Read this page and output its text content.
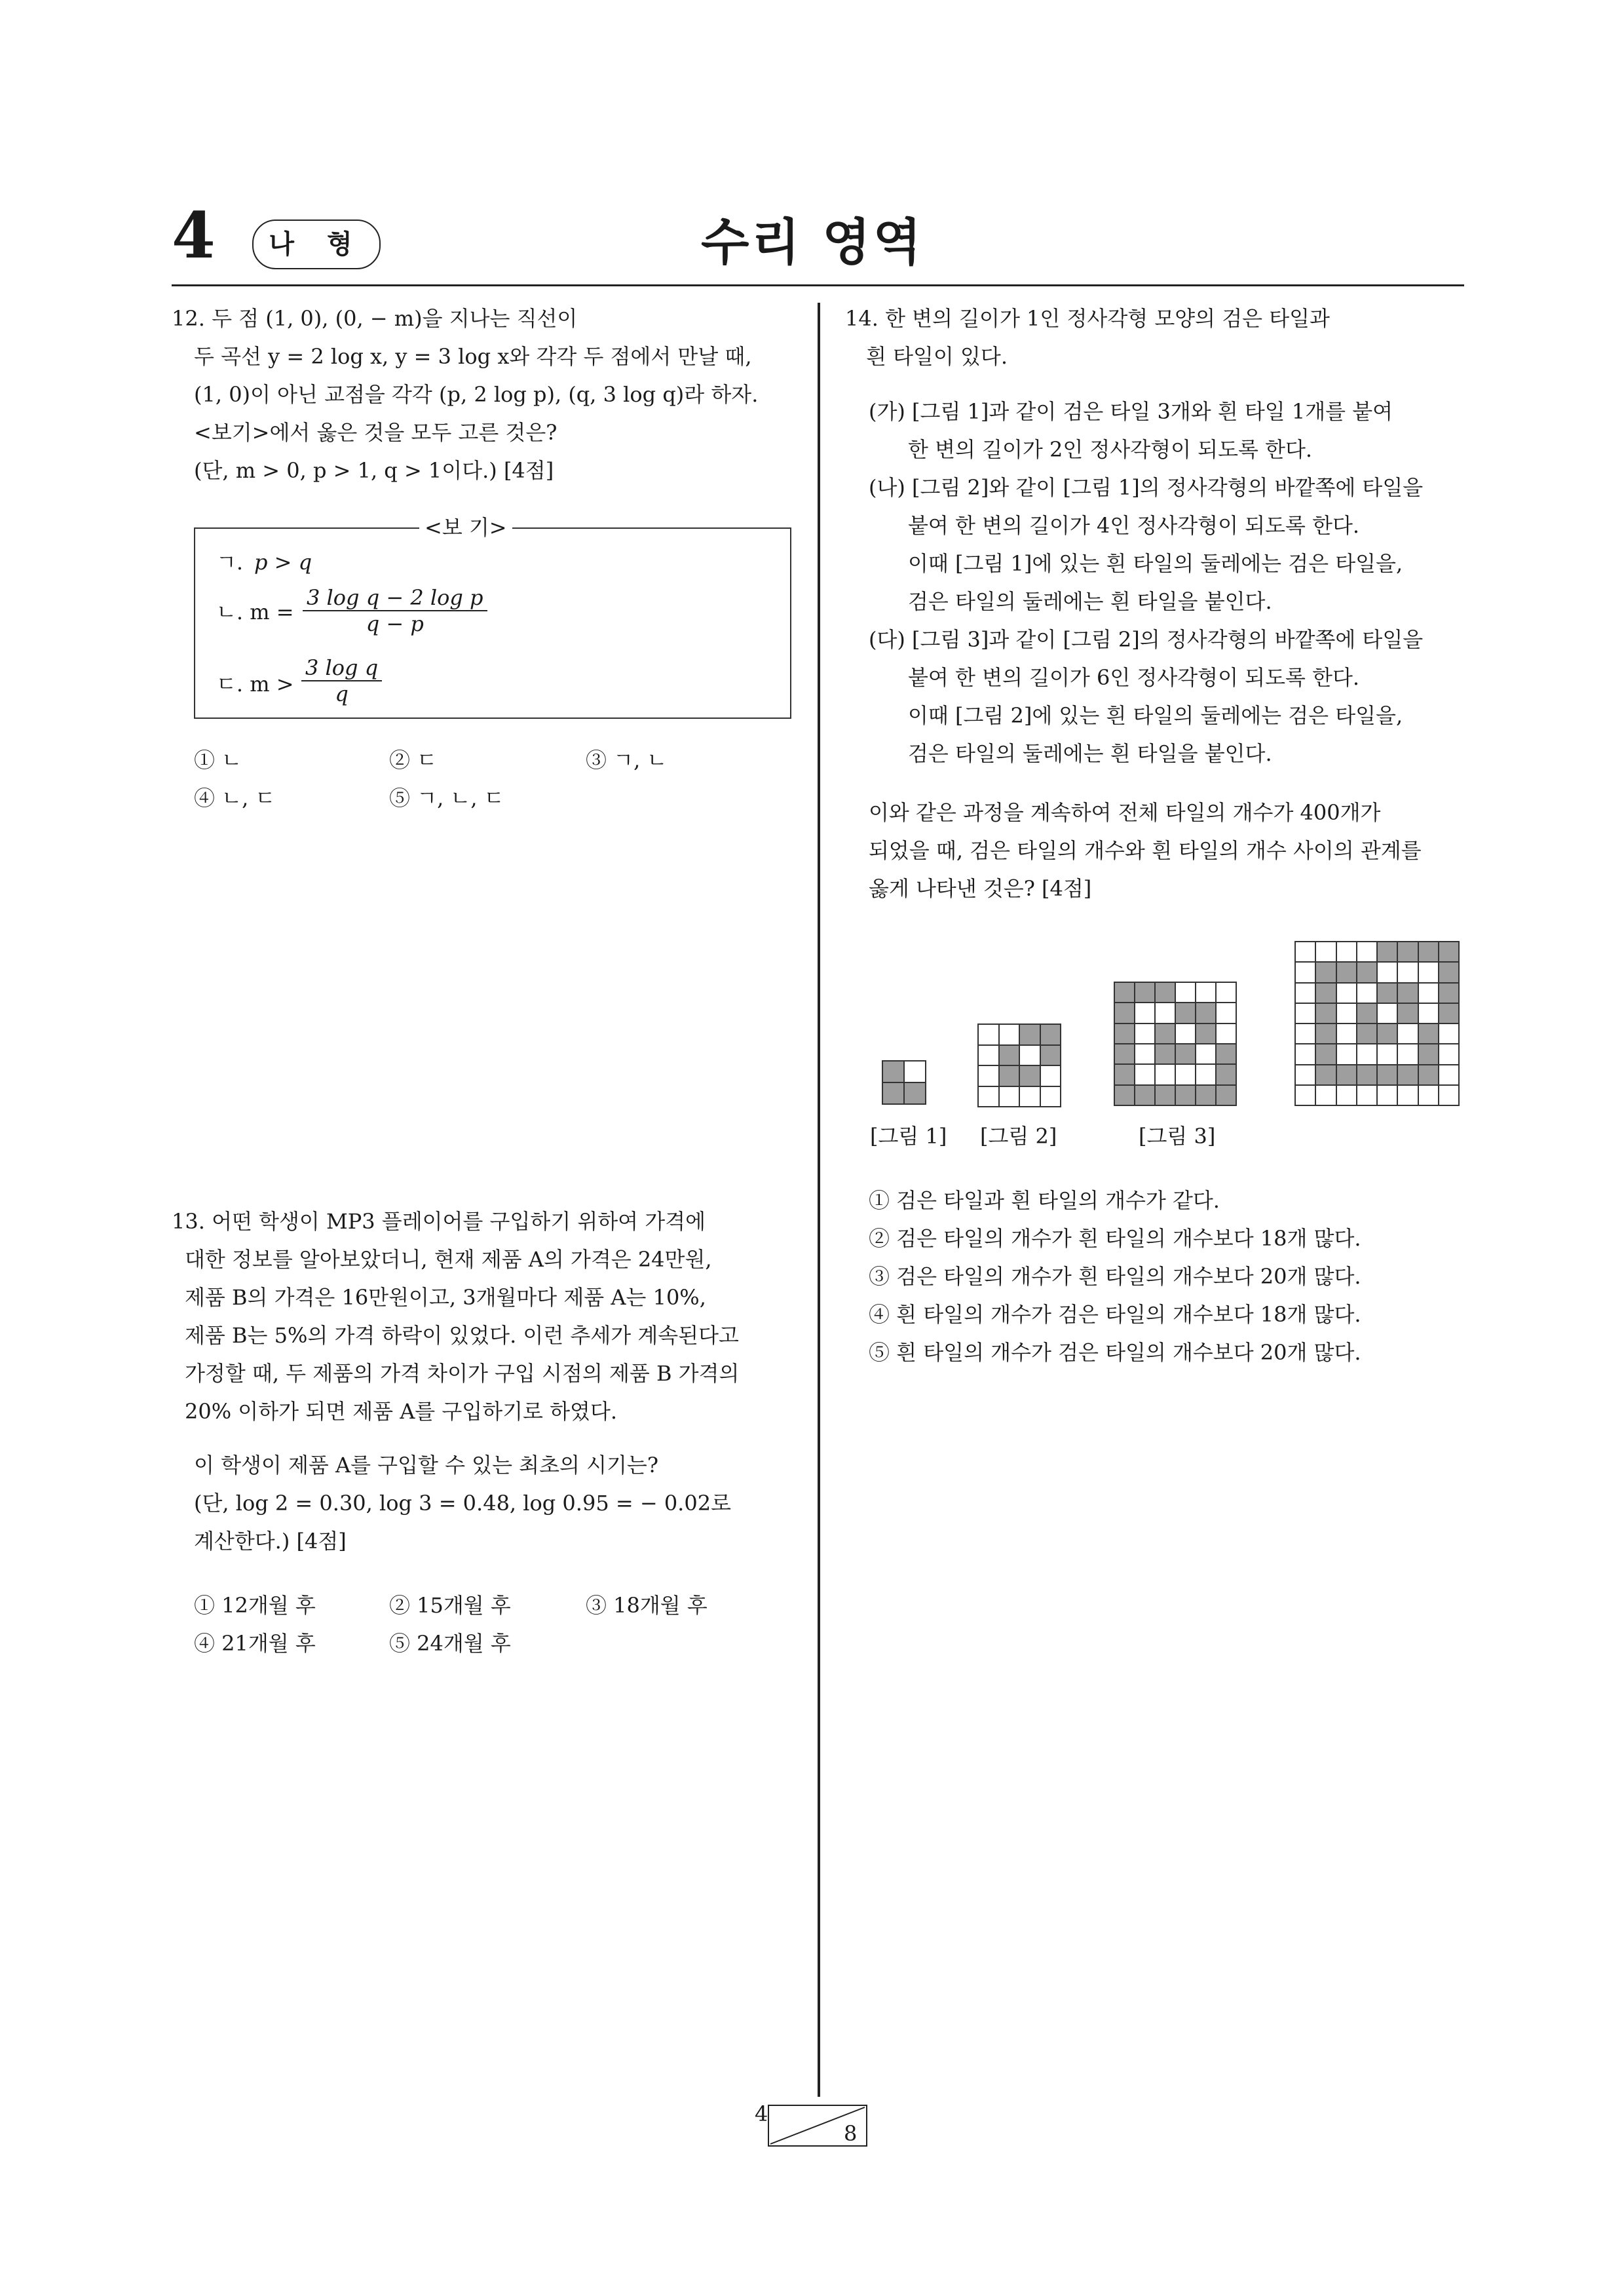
4	나 형	수리 영역
12. 두 점 (1, 0), (0, − m)을 지나는 직선이
두 곡선 y = 2 log x, y = 3 log x와 각각 두 점에서 만날 때,
(1, 0)이 아닌 교점을 각각 (p, 2 log p), (q, 3 log q)라 하자.
<보기>에서 옳은 것을 모두 고른 것은?
(단, m > 0, p > 1, q > 1이다.) [4점]
<보 기>
ㄱ. p > q
ㄴ. $m = \frac{\text{3 log q − 2 log p}}{q - p}$
ㄷ. $m > \frac{\text{3 log q}}{q}$
① ㄴ	② ㄷ	③ ㄱ, ㄴ
④ ㄴ, ㄷ	⑤ ㄱ, ㄴ, ㄷ
13. 어떤 학생이 MP3 플레이어를 구입하기 위하여 가격에
대한 정보를 알아보았더니, 현재 제품 A의 가격은 24만원,
제품 B의 가격은 16만원이고, 3개월마다 제품 A는 10%,
제품 B는 5%의 가격 하락이 있었다. 이런 추세가 계속된다고
가정할 때, 두 제품의 가격 차이가 구입 시점의 제품 B 가격의
20% 이하가 되면 제품 A를 구입하기로 하였다.
이 학생이 제품 A를 구입할 수 있는 최초의 시기는?
(단, log 2 = 0.30, log 3 = 0.48, log 0.95 = − 0.02로
계산한다.) [4점]
① 12개월 후	② 15개월 후	③ 18개월 후
④ 21개월 후	⑤ 24개월 후
14. 한 변의 길이가 1인 정사각형 모양의 검은 타일과
흰 타일이 있다.
(가) [그림 1]과 같이 검은 타일 3개와 흰 타일 1개를 붙여
한 변의 길이가 2인 정사각형이 되도록 한다.
(나) [그림 2]와 같이 [그림 1]의 정사각형의 바깥쪽에 타일을
붙여 한 변의 길이가 4인 정사각형이 되도록 한다.
이때 [그림 1]에 있는 흰 타일의 둘레에는 검은 타일을,
검은 타일의 둘레에는 흰 타일을 붙인다.
(다) [그림 3]과 같이 [그림 2]의 정사각형의 바깥쪽에 타일을
붙여 한 변의 길이가 6인 정사각형이 되도록 한다.
이때 [그림 2]에 있는 흰 타일의 둘레에는 검은 타일을,
검은 타일의 둘레에는 흰 타일을 붙인다.
이와 같은 과정을 계속하여 전체 타일의 개수가 400개가
되었을 때, 검은 타일의 개수와 흰 타일의 개수 사이의 관계를
옳게 나타낸 것은? [4점]
[그림 1] [그림 2]	[그림 3]
① 검은 타일과 흰 타일의 개수가 같다.
② 검은 타일의 개수가 흰 타일의 개수보다 18개 많다.
③ 검은 타일의 개수가 흰 타일의 개수보다 20개 많다.
④ 흰 타일의 개수가 검은 타일의 개수보다 18개 많다.
⑤ 흰 타일의 개수가 검은 타일의 개수보다 20개 많다.
4
8
